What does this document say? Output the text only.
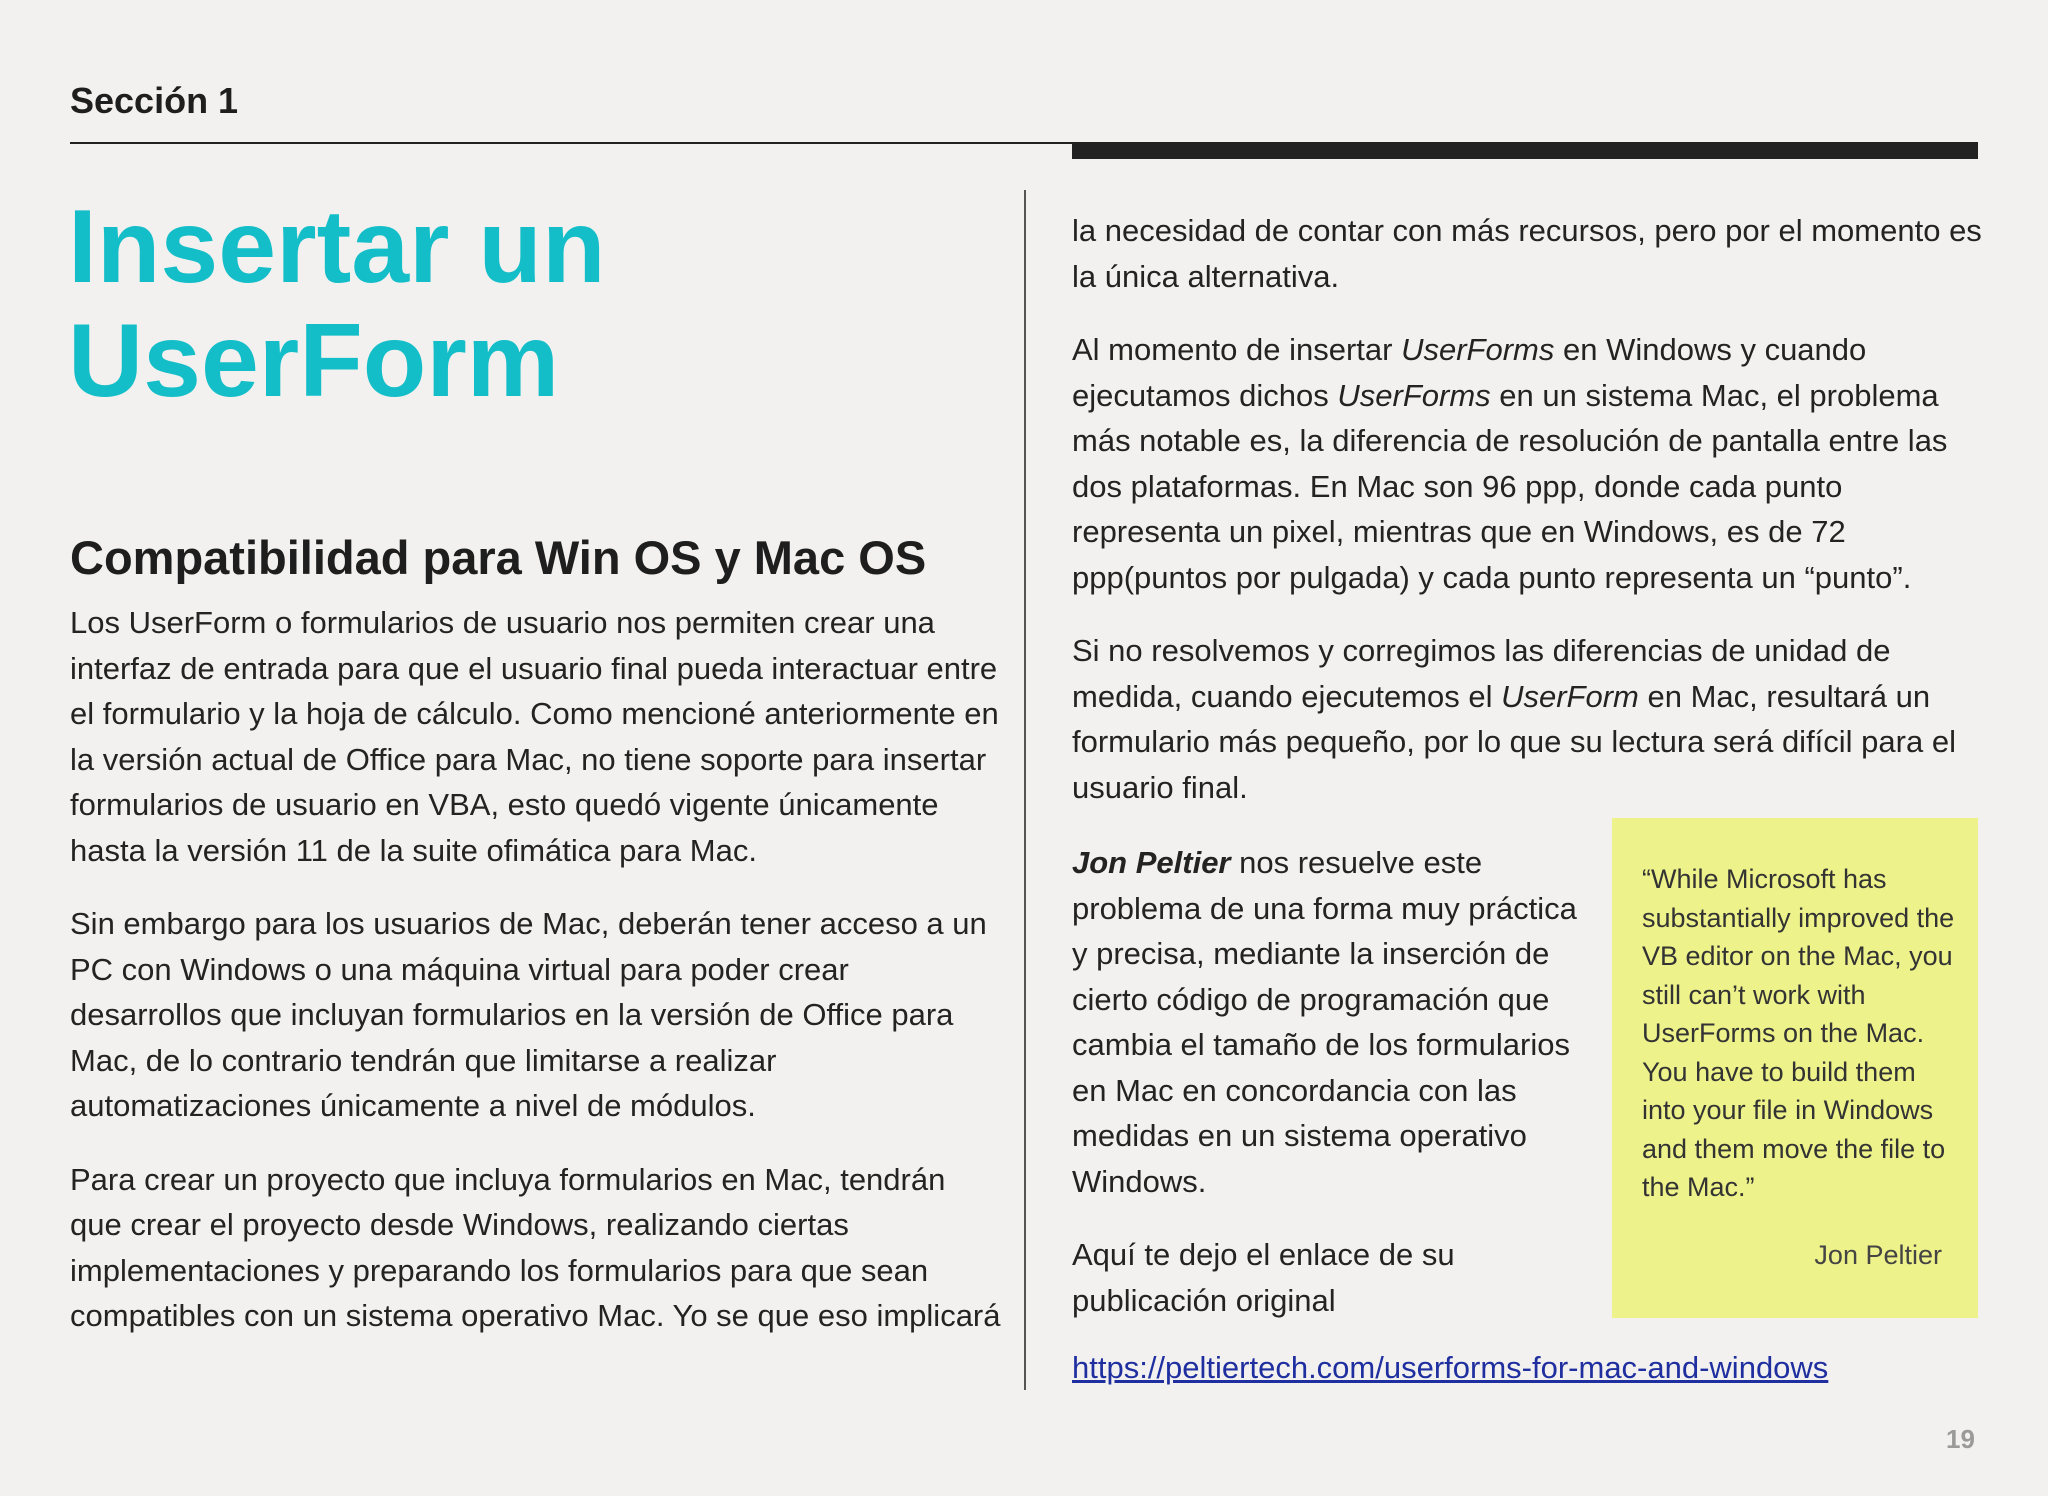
Sección 1
Insertar un
UserForm
Compatibilidad para Win OS y Mac OS

Los UserForm o formularios de usuario nos permiten crear una interfaz de entrada para que el usuario final pueda interactuar entre el formulario y la hoja de cálculo. Como mencioné anteriormente en la versión actual de Office para Mac, no tiene soporte para insertar formularios de usuario en VBA, esto quedó vigente únicamente hasta la versión 11 de la suite ofimática para Mac.

Sin embargo para los usuarios de Mac, deberán tener acceso a un PC con Windows o una máquina virtual para poder crear desarrollos que incluyan formularios en la versión de Office para Mac, de lo contrario tendrán que limitarse a realizar automatizaciones únicamente a nivel de módulos.

Para crear un proyecto que incluya formularios en Mac, tendrán que crear el proyecto desde Windows, realizando ciertas implementaciones y preparando los formularios para que sean compatibles con un sistema operativo Mac. Yo se que eso implicará

la necesidad de contar con más recursos, pero por el momento es la única alternativa.

Al momento de insertar UserForms en Windows y cuando ejecutamos dichos UserForms en un sistema Mac, el problema más notable es, la diferencia de resolución de pantalla entre las dos plataformas. En Mac son 96 ppp, donde cada punto representa un pixel, mientras que en Windows, es de 72 ppp(puntos por pulgada) y cada punto representa un “punto”.

Si no resolvemos y corregimos las diferencias de unidad de medida, cuando ejecutemos el UserForm en Mac, resultará un formulario más pequeño, por lo que su lectura será difícil para el usuario final.

Jon Peltier nos resuelve este problema de una forma muy práctica y precisa, mediante la inserción de cierto código de programación que cambia el tamaño de los formularios en Mac en concordancia con las medidas en un sistema operativo Windows.

Aquí te dejo el enlace de su publicación original

https://peltiertech.com/userforms-for-mac-and-windows

“While Microsoft has substantially improved the VB editor on the Mac, you still can’t work with UserForms on the Mac. You have to build them into your file in Windows and them move the file to the Mac.”

Jon Peltier
19
